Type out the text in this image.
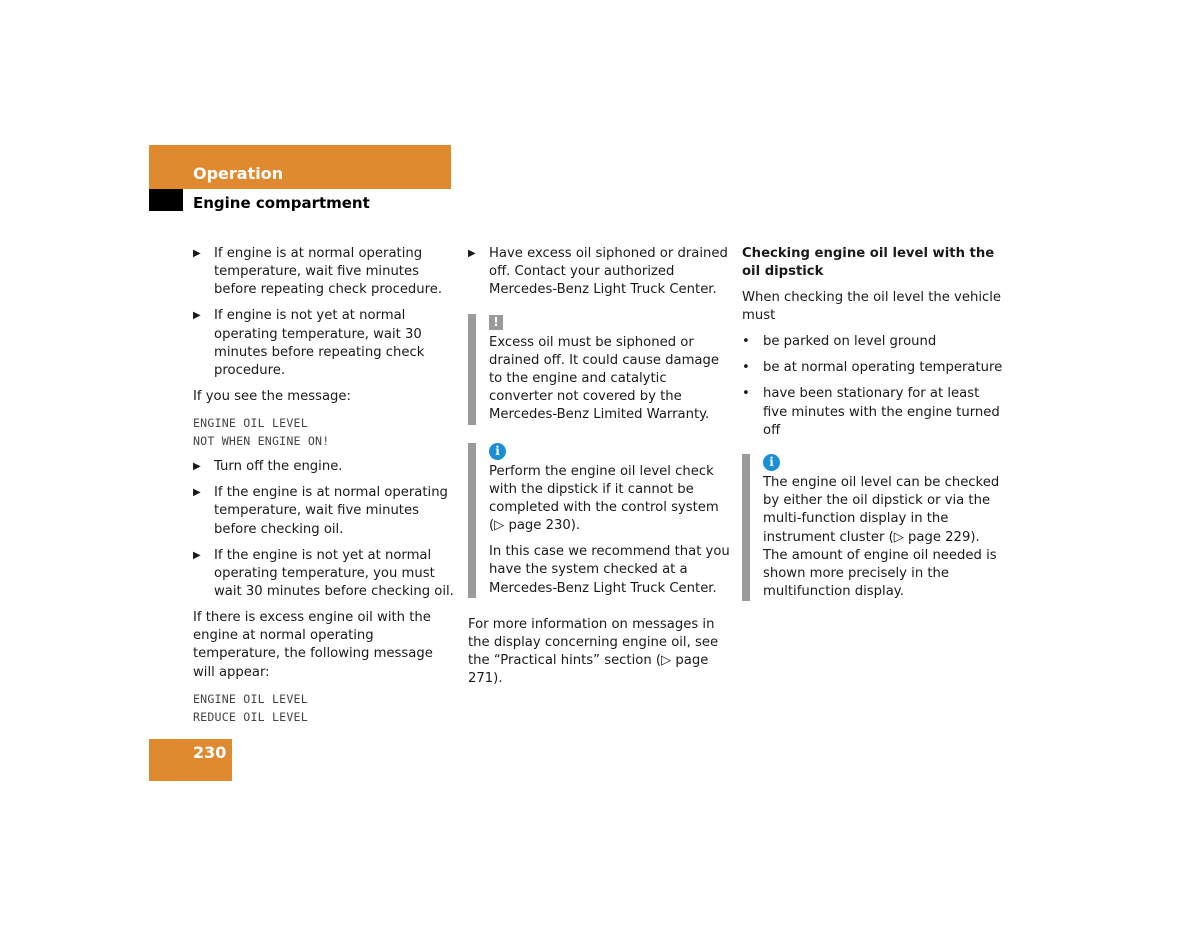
Operation
Engine compartment
▶ If engine is at normal operating temperature, wait five minutes before repeating check procedure.
▶ If engine is not yet at normal operating temperature, wait 30 minutes before repeating check procedure.
If you see the message:
ENGINE OIL LEVEL
NOT WHEN ENGINE ON!
▶ Turn off the engine.
▶ If the engine is at normal operating temperature, wait five minutes before checking oil.
▶ If the engine is not yet at normal operating temperature, you must wait 30 minutes before checking oil.
If there is excess engine oil with the engine at normal operating temperature, the following message will appear:
ENGINE OIL LEVEL
REDUCE OIL LEVEL
▶ Have excess oil siphoned or drained off. Contact your authorized Mercedes-Benz Light Truck Center.
!
Excess oil must be siphoned or drained off. It could cause damage to the engine and catalytic converter not covered by the Mercedes-Benz Limited Warranty.
i
Perform the engine oil level check with the dipstick if it cannot be completed with the control system (▷ page 230).
In this case we recommend that you have the system checked at a Mercedes-Benz Light Truck Center.
For more information on messages in the display concerning engine oil, see the “Practical hints” section (▷ page 271).
Checking engine oil level with the oil dipstick
When checking the oil level the vehicle must
• be parked on level ground
• be at normal operating temperature
• have been stationary for at least five minutes with the engine turned off
i
The engine oil level can be checked by either the oil dipstick or via the multi-function display in the instrument cluster (▷ page 229). The amount of engine oil needed is shown more precisely in the multifunction display.
230
